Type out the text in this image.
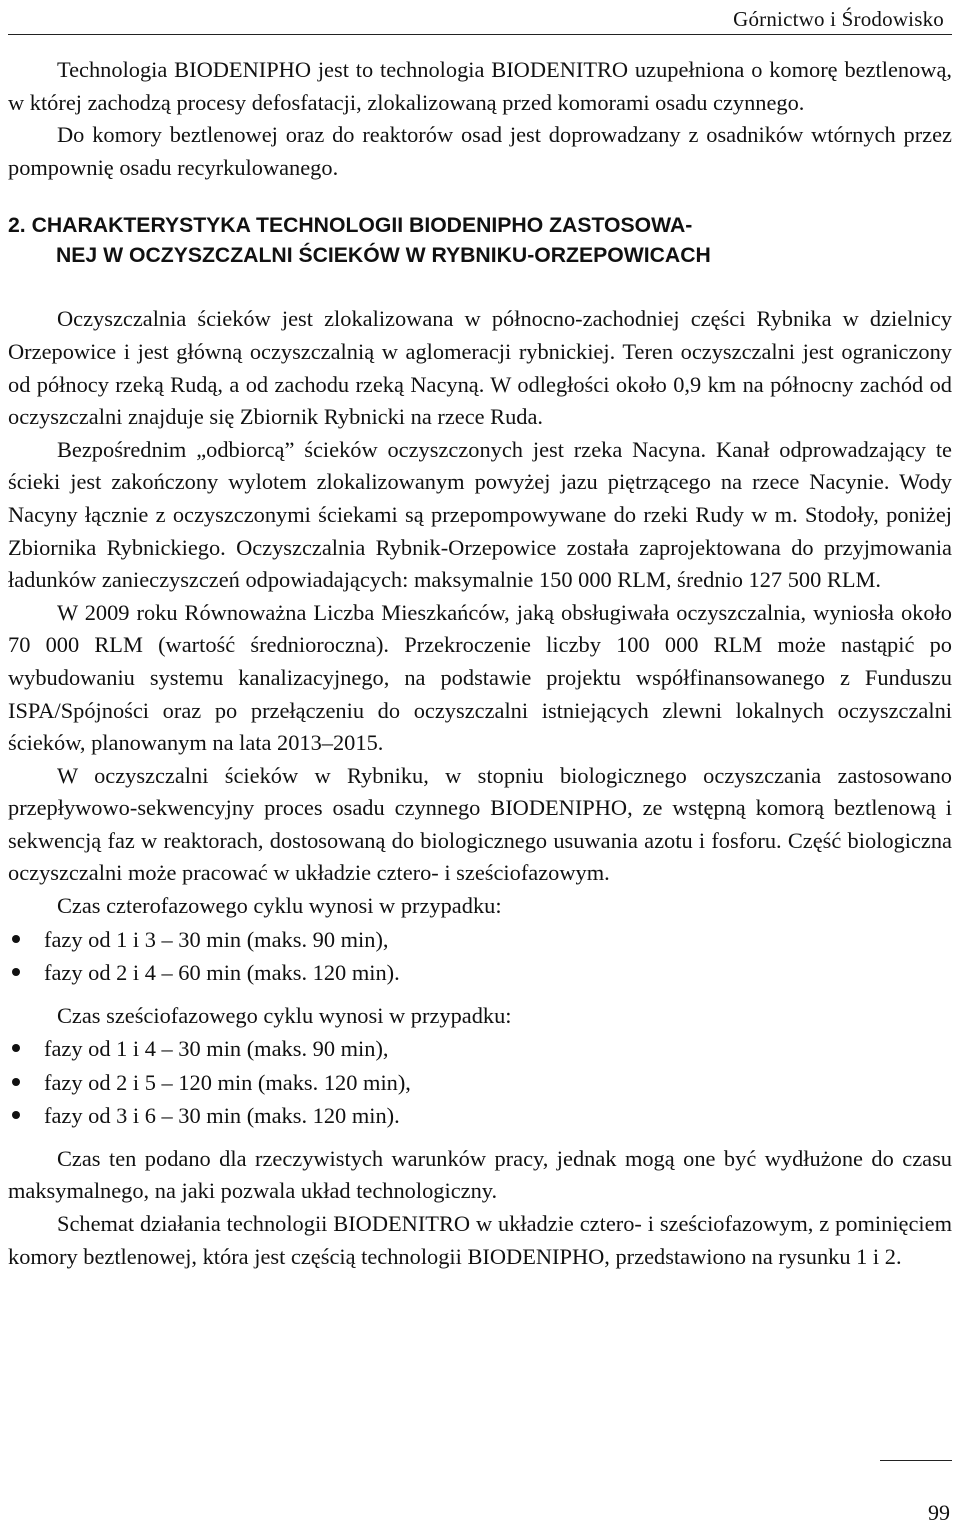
Górnictwo i Środowisko

Technologia BIODENIPHO jest to technologia BIODENITRO uzupełniona o komorę beztlenową, w której zachodzą procesy defosfatacji, zlokalizowaną przed komorami osadu czynnego.

Do komory beztlenowej oraz do reaktorów osad jest doprowadzany z osadników wtórnych przez pompownię osadu recyrkulowanego.

2. CHARAKTERYSTYKA TECHNOLOGII BIODENIPHO ZASTOSOWA-
NEJ W OCZYSZCZALNI ŚCIEKÓW W RYBNIKU-ORZEPOWICACH

Oczyszczalnia ścieków jest zlokalizowana w północno-zachodniej części Rybnika w dzielnicy Orzepowice i jest główną oczyszczalnią w aglomeracji rybnickiej. Teren oczyszczalni jest ograniczony od północy rzeką Rudą, a od zachodu rzeką Nacyną. W odległości około 0,9 km na północny zachód od oczyszczalni znajduje się Zbiornik Rybnicki na rzece Ruda.

Bezpośrednim „odbiorcą” ścieków oczyszczonych jest rzeka Nacyna. Kanał odprowadzający te ścieki jest zakończony wylotem zlokalizowanym powyżej jazu piętrzącego na rzece Nacynie. Wody Nacyny łącznie z oczyszczonymi ściekami są przepompowywane do rzeki Rudy w m. Stodoły, poniżej Zbiornika Rybnickiego. Oczyszczalnia Rybnik-Orzepowice została zaprojektowana do przyjmowania ładunków zanieczyszczeń odpowiadających: maksymalnie 150 000 RLM, średnio 127 500 RLM.

W 2009 roku Równoważna Liczba Mieszkańców, jaką obsługiwała oczyszczalnia, wyniosła około 70 000 RLM (wartość średnioroczna). Przekroczenie liczby 100 000 RLM może nastąpić po wybudowaniu systemu kanalizacyjnego, na podstawie projektu współfinansowanego z Funduszu ISPA/Spójności oraz po przełączeniu do oczyszczalni istniejących zlewni lokalnych oczyszczalni ścieków, planowanym na lata 2013–2015.

W oczyszczalni ścieków w Rybniku, w stopniu biologicznego oczyszczania zastosowano przepływowo-sekwencyjny proces osadu czynnego BIODENIPHO, ze wstępną komorą beztlenową i sekwencją faz w reaktorach, dostosowaną do biologicznego usuwania azotu i fosforu. Część biologiczna oczyszczalni może pracować w układzie cztero- i sześciofazowym.

Czas czterofazowego cyklu wynosi w przypadku:

fazy od 1 i 3 – 30 min (maks. 90 min),
fazy od 2 i 4 – 60 min (maks. 120 min).

Czas sześciofazowego cyklu wynosi w przypadku:

fazy od 1 i 4 – 30 min (maks. 90 min),
fazy od 2 i 5 – 120 min (maks. 120 min),
fazy od 3 i 6 – 30 min (maks. 120 min).

Czas ten podano dla rzeczywistych warunków pracy, jednak mogą one być wydłużone do czasu maksymalnego, na jaki pozwala układ technologiczny.

Schemat działania technologii BIODENITRO w układzie cztero- i sześciofazowym, z pominięciem komory beztlenowej, która jest częścią technologii BIODENIPHO, przedstawiono na rysunku 1 i 2.

99
